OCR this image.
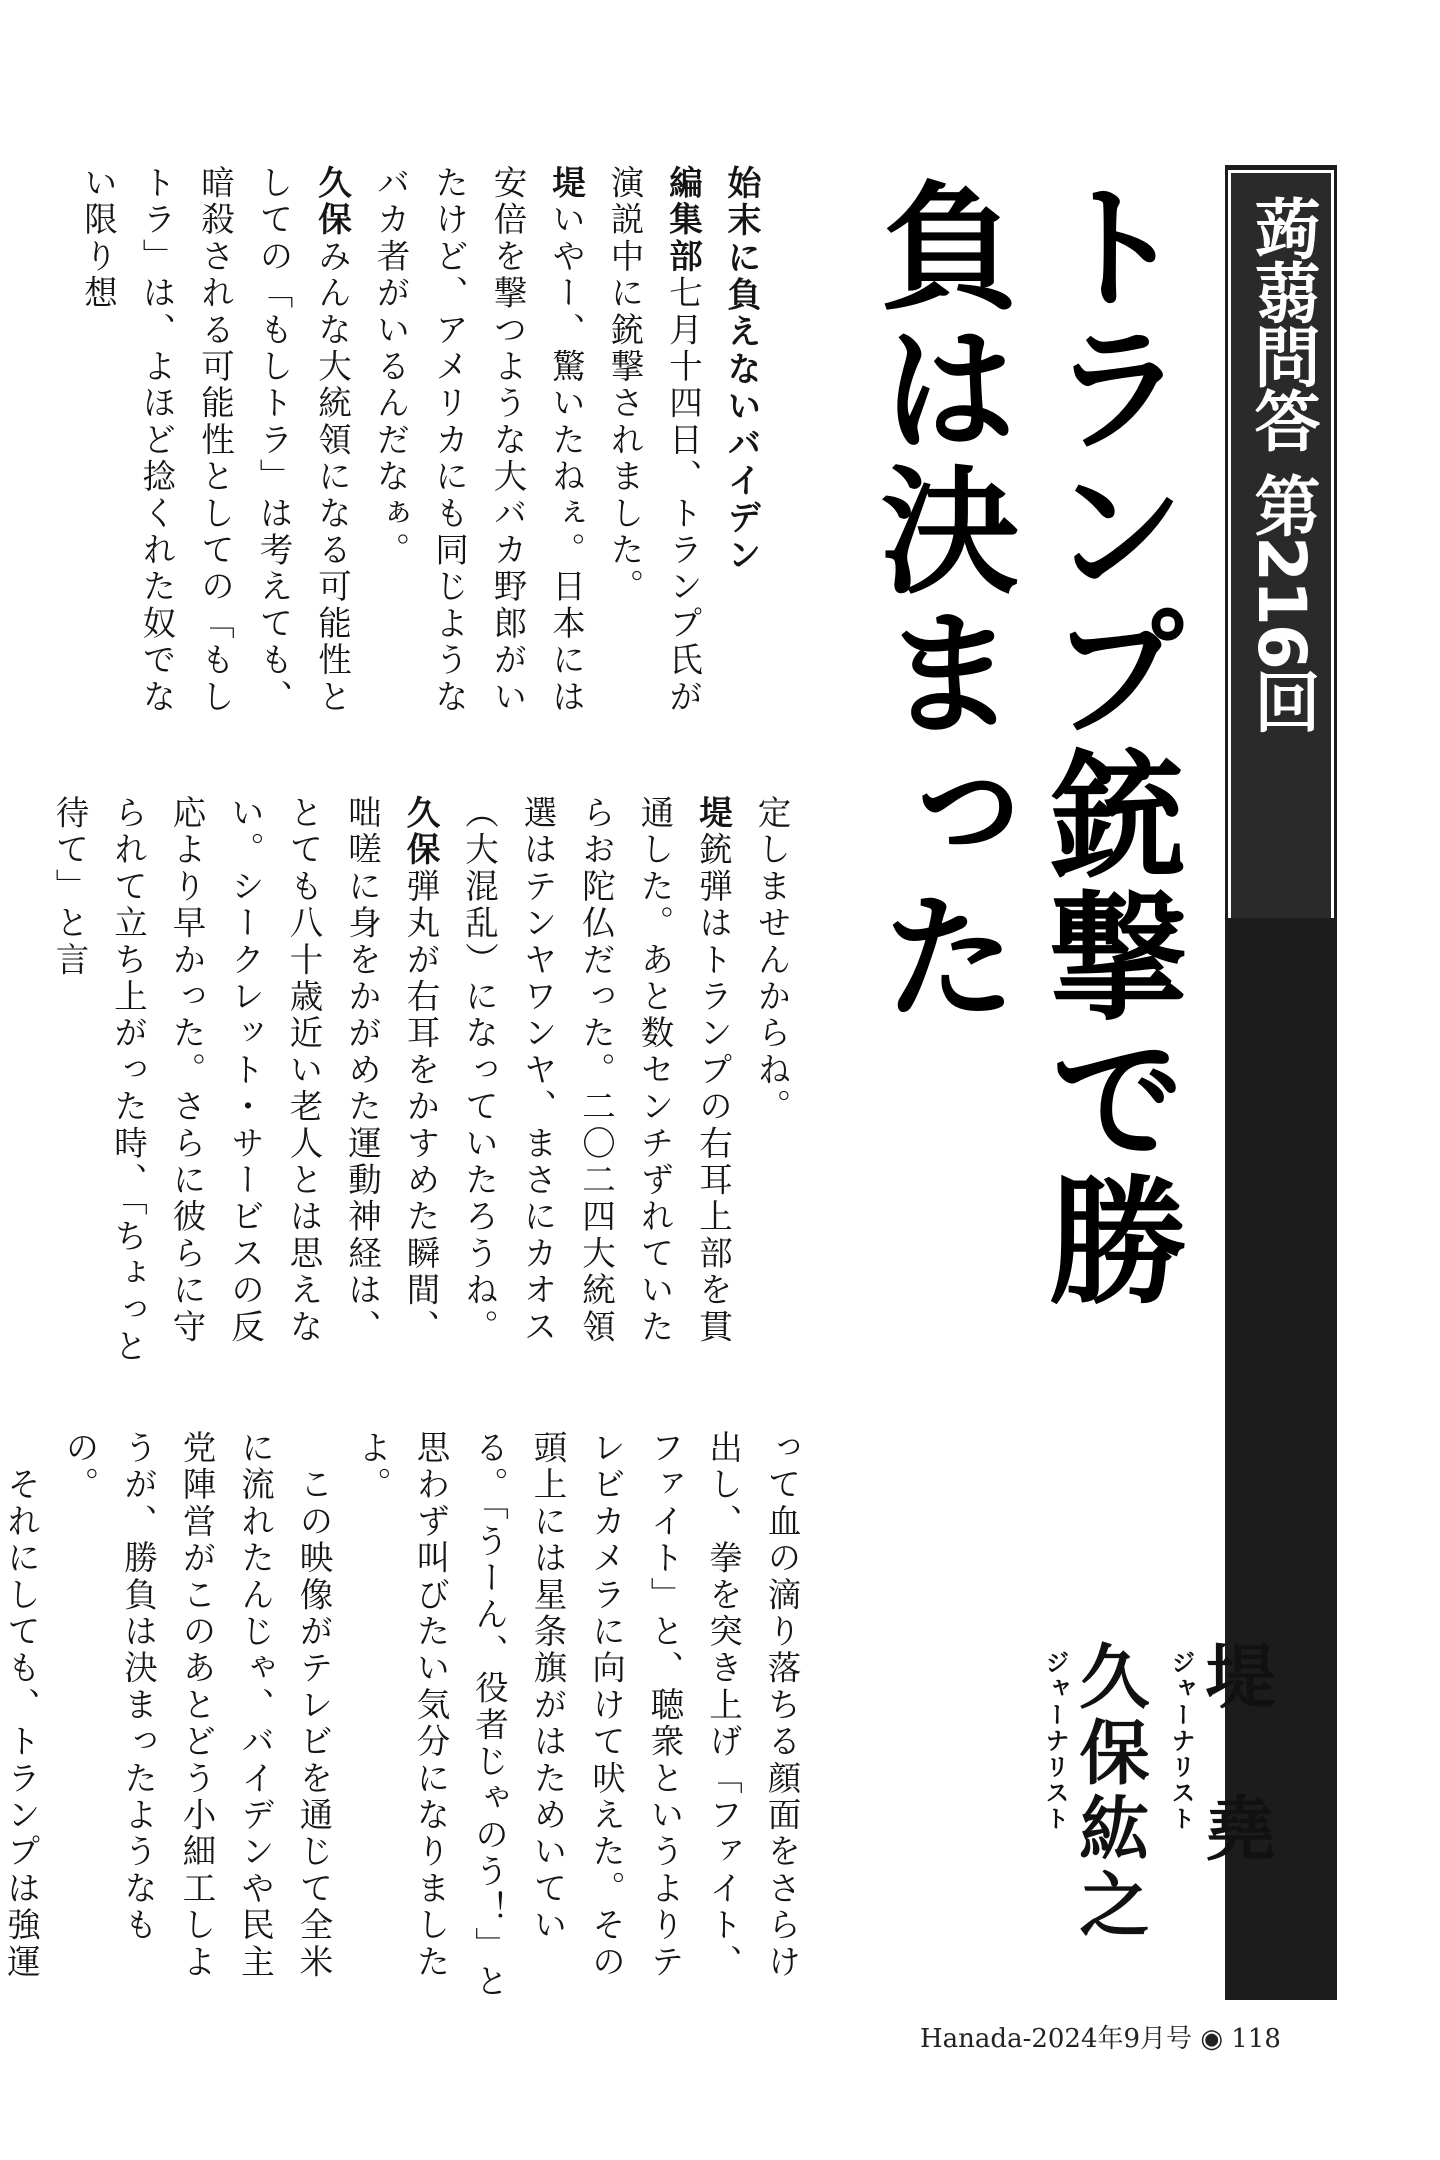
蒟蒻問答 第216回
トランプ銃撃で勝負は決まった

始末に負えないバイデン

編集部七月十四日、トランプ氏が演説中に銃撃されました。

堤いやー、驚いたねぇ。日本には安倍を撃つような大バカ野郎がいたけど、アメリカにも同じようなバカ者がいるんだなぁ。

久保みんな大統領になる可能性としての「もしトラ」は考えても、暗殺される可能性としての「もしトラ」は、よほど捻くれた奴でない限り想

定しませんからね。

堤銃弾はトランプの右耳上部を貫通した。あと数センチずれていたらお陀仏だった。二〇二四大統領選はテンヤワンヤ、まさにカオス（大混乱）になっていたろうね。

久保弾丸が右耳をかすめた瞬間、咄嗟に身をかがめた運動神経は、とても八十歳近い老人とは思えない。シークレット・サービスの反応より早かった。さらに彼らに守られて立ち上がった時、「ちょっと待て」と言

って血の滴り落ちる顔面をさらけ出し、拳を突き上げ「ファイト、ファイト」と、聴衆というよりテレビカメラに向けて吠えた。その頭上には星条旗がはためいている。「うーん、役者じゃのう！」と思わず叫びたい気分になりましたよ。

　この映像がテレビを通じて全米に流れたんじゃ、バイデンや民主党陣営がこのあとどう小細工しようが、勝負は決まったようなもの。

　それにしても、トランプは強運

堤　堯
ジャーナリスト
久保紘之
ジャーナリスト
Hanada-2024年9月号 ◉ 118
